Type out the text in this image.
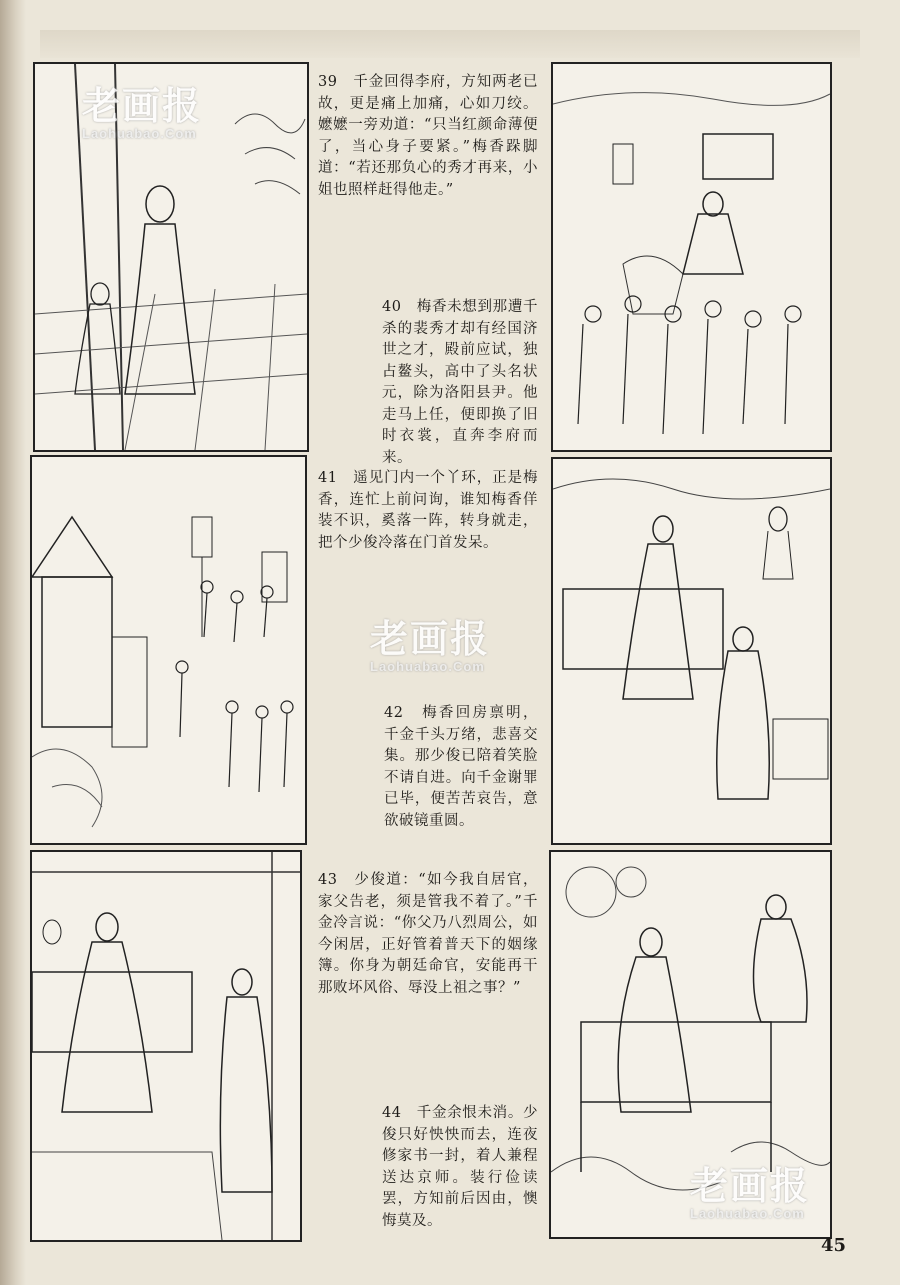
39　千金回得李府，方知两老已故，更是痛上加痛，心如刀绞。嬷嬷一旁劝道：“只当红颜命薄便了，当心身子要紧。”梅香跺脚道：“若还那负心的秀才再来，小姐也照样赶得他走。”
40　梅香未想到那遭千杀的裴秀才却有经国济世之才，殿前应试，独占鳌头，高中了头名状元，除为洛阳县尹。他走马上任，便即换了旧时衣裳，直奔李府而来。
41　遥见门内一个丫环，正是梅香，连忙上前问询，谁知梅香佯装不识，奚落一阵，转身就走，把个少俊冷落在门首发呆。
42　梅香回房禀明，千金千头万绪，悲喜交集。那少俊已陪着笑脸不请自进。向千金谢罪已毕，便苦苦哀告，意欲破镜重圆。
43　少俊道：“如今我自居官，家父告老，须是管我不着了。”千金冷言说：“你父乃八烈周公，如今闲居，正好管着普天下的姻缘簿。你身为朝廷命官，安能再干那败坏风俗、辱没上祖之事？”
44　千金余恨未消。少俊只好怏怏而去，连夜修家书一封，着人兼程送达京师。装行俭读罢，方知前后因由，懊悔莫及。
老画报
Laohuabao.Com
老画报
Laohuabao.Com
老画报
Laohuabao.Com
45
